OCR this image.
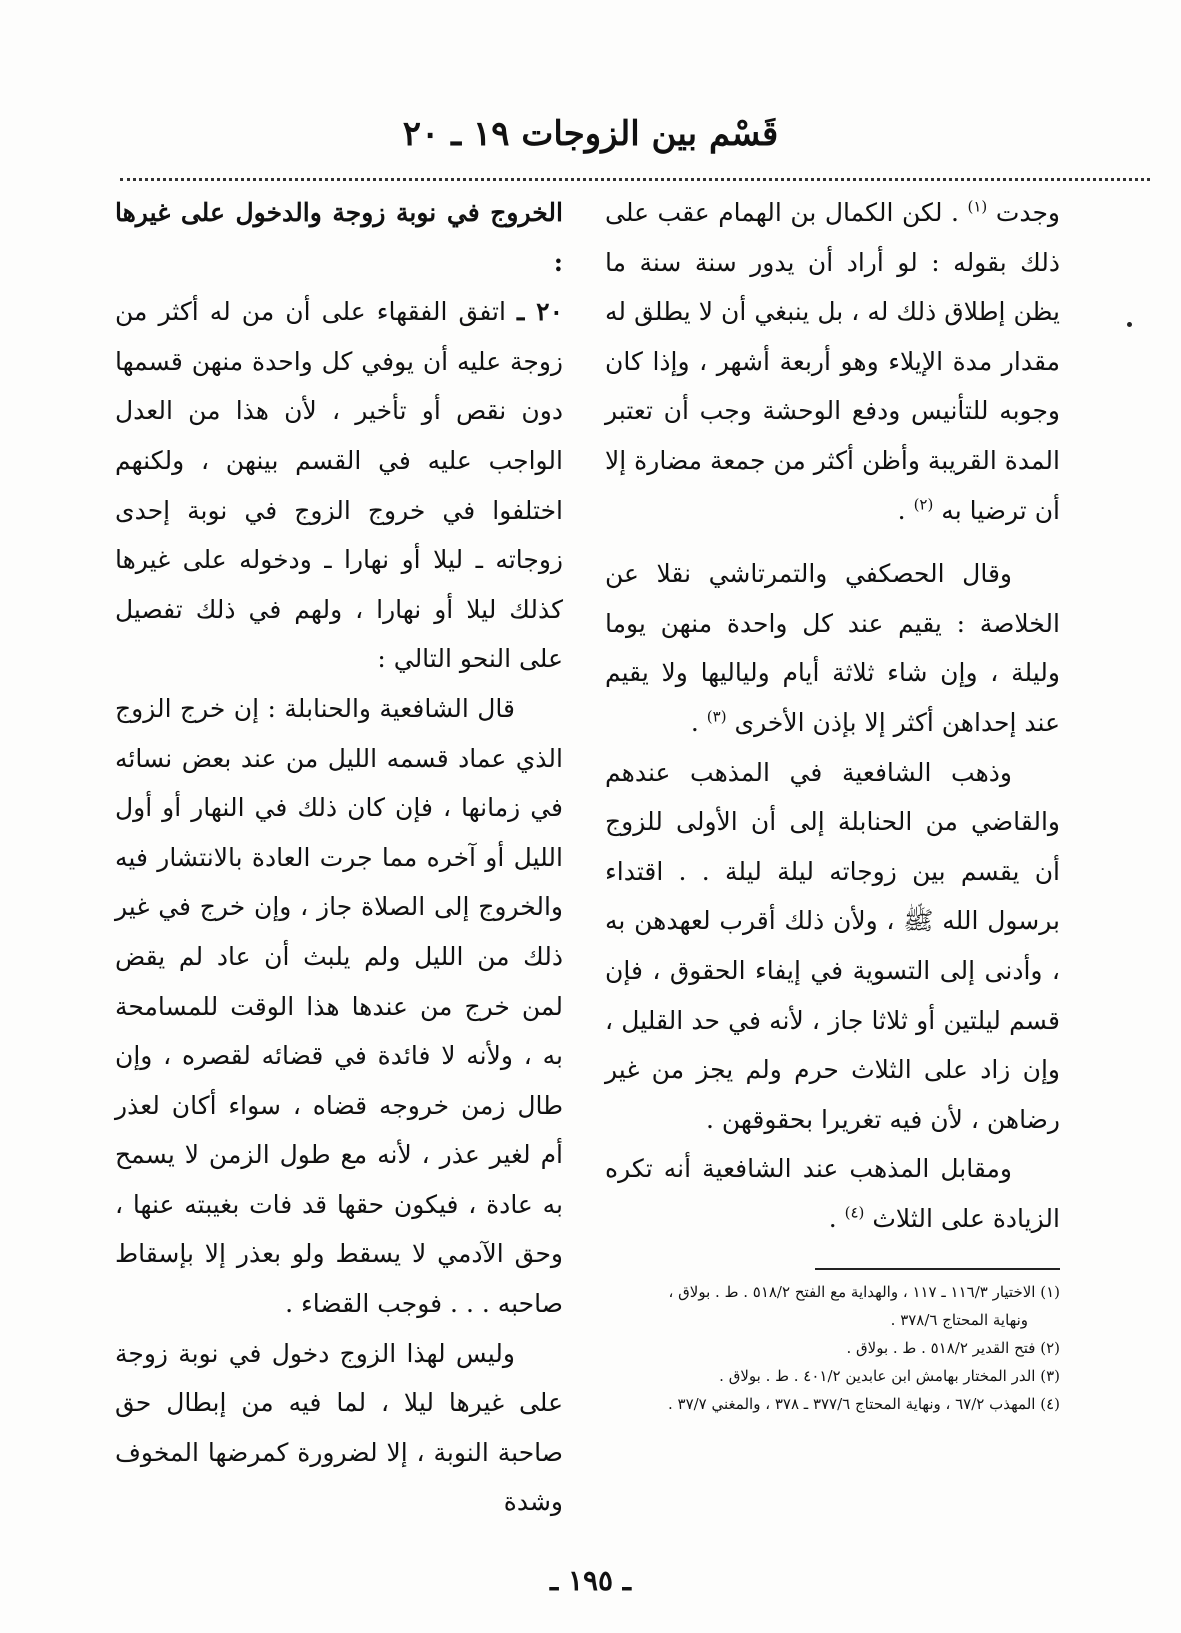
قَسْم بين الزوجات ١٩ ـ ٢٠

وجدت $^{(١)}$ . لكن الكمال بن الهمام عقب على ذلك بقوله : لو أراد أن يدور سنة سنة ما يظن إطلاق ذلك له ، بل ينبغي أن لا يطلق له مقدار مدة الإيلاء وهو أربعة أشهر ، وإذا كان وجوبه للتأنيس ودفع الوحشة وجب أن تعتبر المدة القريبة وأظن أكثر من جمعة مضارة إلا أن ترضيا به $^{(٢)}$ .

وقال الحصكفي والتمرتاشي نقلا عن الخلاصة : يقيم عند كل واحدة منهن يوما وليلة ، وإن شاء ثلاثة أيام ولياليها ولا يقيم عند إحداهن أكثر إلا بإذن الأخرى $^{(٣)}$ .

وذهب الشافعية في المذهب عندهم والقاضي من الحنابلة إلى أن الأولى للزوج أن يقسم بين زوجاته ليلة ليلة . . اقتداء برسول الله ﷺ ، ولأن ذلك أقرب لعهدهن به ، وأدنى إلى التسوية في إيفاء الحقوق ، فإن قسم ليلتين أو ثلاثا جاز ، لأنه في حد القليل ، وإن زاد على الثلاث حرم ولم يجز من غير رضاهن ، لأن فيه تغريرا بحقوقهن .

ومقابل المذهب عند الشافعية أنه تكره الزيادة على الثلاث $^{(٤)}$ .

الخروج في نوبة زوجة والدخول على غيرها :

٢٠ ـ اتفق الفقهاء على أن من له أكثر من زوجة عليه أن يوفي كل واحدة منهن قسمها دون نقص أو تأخير ، لأن هذا من العدل الواجب عليه في القسم بينهن ، ولكنهم اختلفوا في خروج الزوج في نوبة إحدى زوجاته ـ ليلا أو نهارا ـ ودخوله على غيرها كذلك ليلا أو نهارا ، ولهم في ذلك تفصيل على النحو التالي :

قال الشافعية والحنابلة : إن خرج الزوج الذي عماد قسمه الليل من عند بعض نسائه في زمانها ، فإن كان ذلك في النهار أو أول الليل أو آخره مما جرت العادة بالانتشار فيه والخروج إلى الصلاة جاز ، وإن خرج في غير ذلك من الليل ولم يلبث أن عاد لم يقض لمن خرج من عندها هذا الوقت للمسامحة به ، ولأنه لا فائدة في قضائه لقصره ، وإن طال زمن خروجه قضاه ، سواء أكان لعذر أم لغير عذر ، لأنه مع طول الزمن لا يسمح به عادة ، فيكون حقها قد فات بغيبته عنها ، وحق الآدمي لا يسقط ولو بعذر إلا بإسقاط صاحبه . . . فوجب القضاء .

وليس لهذا الزوج دخول في نوبة زوجة على غيرها ليلا ، لما فيه من إبطال حق صاحبة النوبة ، إلا لضرورة كمرضها المخوف وشدة

(١) الاختيار ١١٦/٣ ـ ١١٧ ، والهداية مع الفتح ٥١٨/٢ . ط . بولاق ، ونهاية المحتاج ٣٧٨/٦ .

(٢) فتح القدير ٥١٨/٢ . ط . بولاق .

(٣) الدر المختار بهامش ابن عابدين ٤٠١/٢ . ط . بولاق .

(٤) المهذب ٦٧/٢ ، ونهاية المحتاج ٣٧٧/٦ ـ ٣٧٨ ، والمغني ٣٧/٧ .

ـ ١٩٥ ـ
